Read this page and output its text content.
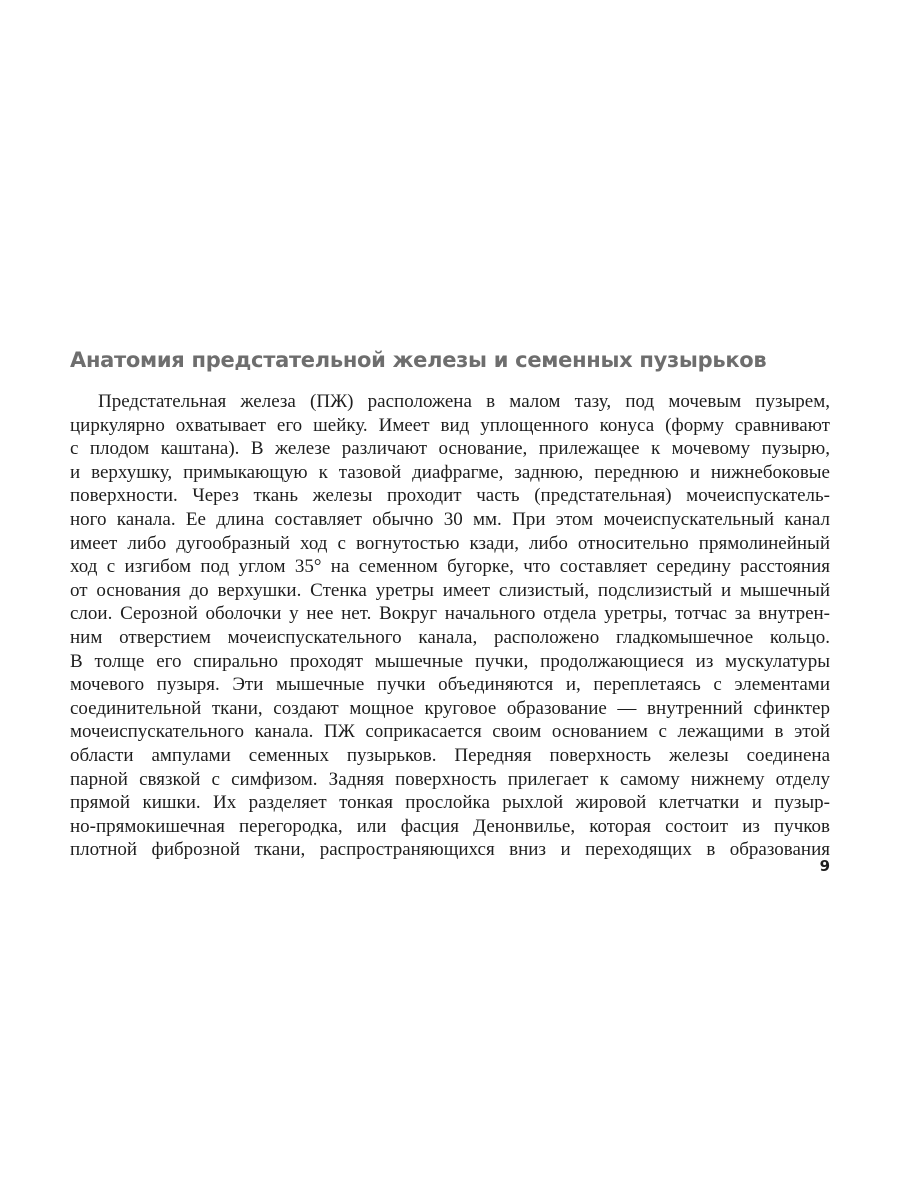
Анатомия предстательной железы и семенных пузырьков
Предстательная железа (ПЖ) расположена в малом тазу, под мочевым пузырем,
циркулярно охватывает его шейку. Имеет вид уплощенного конуса (форму сравнивают
с плодом каштана). В железе различают основание, прилежащее к мочевому пузырю,
и верхушку, примыкающую к тазовой диафрагме, заднюю, переднюю и нижнебоковые
поверхности. Через ткань железы проходит часть (предстательная) мочеиспускатель-
ного канала. Ее длина составляет обычно 30 мм. При этом мочеиспускательный канал
имеет либо дугообразный ход с вогнутостью кзади, либо относительно прямолинейный
ход с изгибом под углом 35° на семенном бугорке, что составляет середину расстояния
от основания до верхушки. Стенка уретры имеет слизистый, подслизистый и мышечный
слои. Серозной оболочки у нее нет. Вокруг начального отдела уретры, тотчас за внутрен-
ним отверстием мочеиспускательного канала, расположено гладкомышечное кольцо.
В толще его спирально проходят мышечные пучки, продолжающиеся из мускулатуры
мочевого пузыря. Эти мышечные пучки объединяются и, переплетаясь с элементами
соединительной ткани, создают мощное круговое образование — внутренний сфинктер
мочеиспускательного канала. ПЖ соприкасается своим основанием с лежащими в этой
области ампулами семенных пузырьков. Передняя поверхность железы соединена
парной связкой с симфизом. Задняя поверхность прилегает к самому нижнему отделу
прямой кишки. Их разделяет тонкая прослойка рыхлой жировой клетчатки и пузыр-
но-прямокишечная перегородка, или фасция Денонвилье, которая состоит из пучков
плотной фиброзной ткани, распространяющихся вниз и переходящих в образования
9
